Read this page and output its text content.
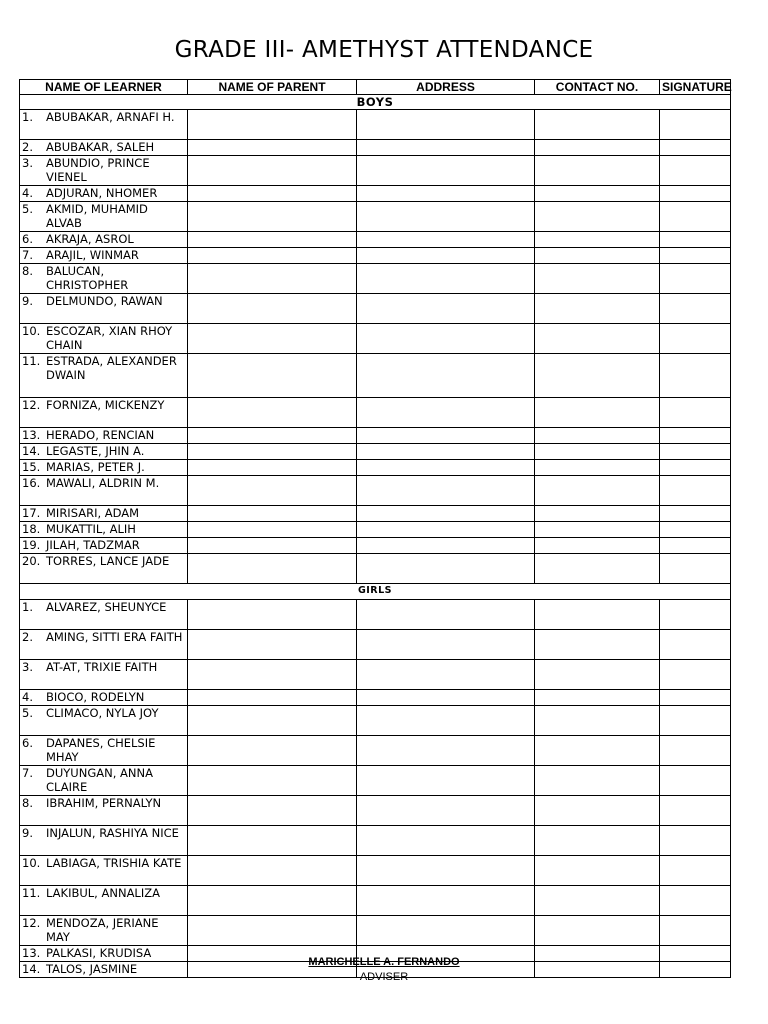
GRADE III- AMETHYST ATTENDANCE
NAME OF LEARNER	NAME OF PARENT	ADDRESS	CONTACT NO.	SIGNATURE
BOYS				

1. ABUBAKAR, ARNAFI H.				

2. ABUBAKAR, SALEH				

3. ABUNDIO, PRINCE VIENEL				

4. ADJURAN, NHOMER				

5. AKMID, MUHAMID ALVAB				

6. AKRAJA, ASROL				

7. ARAJIL, WINMAR				

8. BALUCAN, CHRISTOPHER				

9. DELMUNDO, RAWAN				

10. ESCOZAR, XIAN RHOY CHAIN				

11. ESTRADA, ALEXANDER DWAIN				

12. FORNIZA, MICKENZY				

13. HERADO, RENCIAN				

14. LEGASTE, JHIN A.				

15. MARIAS, PETER J.				

16. MAWALI, ALDRIN M.				

17. MIRISARI, ADAM				

18. MUKATTIL, ALIH				

19. JILAH, TADZMAR				

20. TORRES, LANCE JADE				

GIRLS				

1. ALVAREZ, SHEUNYCE				

2. AMING, SITTI ERA FAITH				

3. AT-AT, TRIXIE FAITH				

4. BIOCO, RODELYN				

5. CLIMACO, NYLA JOY				

6. DAPANES, CHELSIE MHAY				

7. DUYUNGAN, ANNA CLAIRE				

8. IBRAHIM, PERNALYN				

9. INJALUN, RASHIYA NICE				

10. LABIAGA, TRISHIA KATE				

11. LAKIBUL, ANNALIZA				

12. MENDOZA, JERIANE MAY				

13. PALKASI, KRUDISA				

14. TALOS, JASMINE				
					MARICHELLE A. FERNANDO
ADVISER
